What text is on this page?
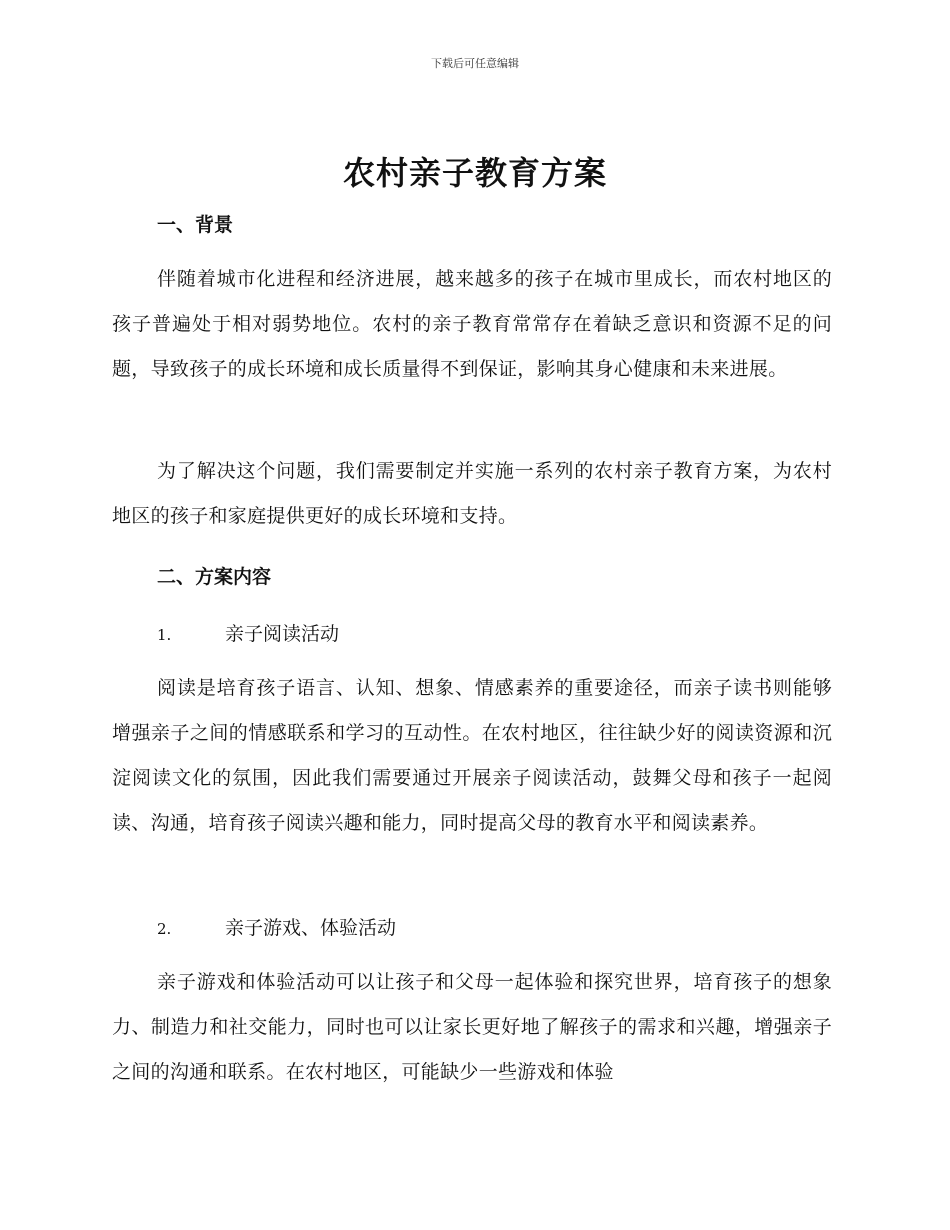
下载后可任意编辑
农村亲子教育方案
一、背景
伴随着城市化进程和经济进展，越来越多的孩子在城市里成长，而农村地区的孩子普遍处于相对弱势地位。农村的亲子教育常常存在着缺乏意识和资源不足的问题，导致孩子的成长环境和成长质量得不到保证，影响其身心健康和未来进展。
为了解决这个问题，我们需要制定并实施一系列的农村亲子教育方案，为农村地区的孩子和家庭提供更好的成长环境和支持。
二、方案内容
1.	亲子阅读活动
阅读是培育孩子语言、认知、想象、情感素养的重要途径，而亲子读书则能够增强亲子之间的情感联系和学习的互动性。在农村地区，往往缺少好的阅读资源和沉淀阅读文化的氛围，因此我们需要通过开展亲子阅读活动，鼓舞父母和孩子一起阅读、沟通，培育孩子阅读兴趣和能力，同时提高父母的教育水平和阅读素养。
2.	亲子游戏、体验活动
亲子游戏和体验活动可以让孩子和父母一起体验和探究世界，培育孩子的想象力、制造力和社交能力，同时也可以让家长更好地了解孩子的需求和兴趣，增强亲子之间的沟通和联系。在农村地区，可能缺少一些游戏和体验
